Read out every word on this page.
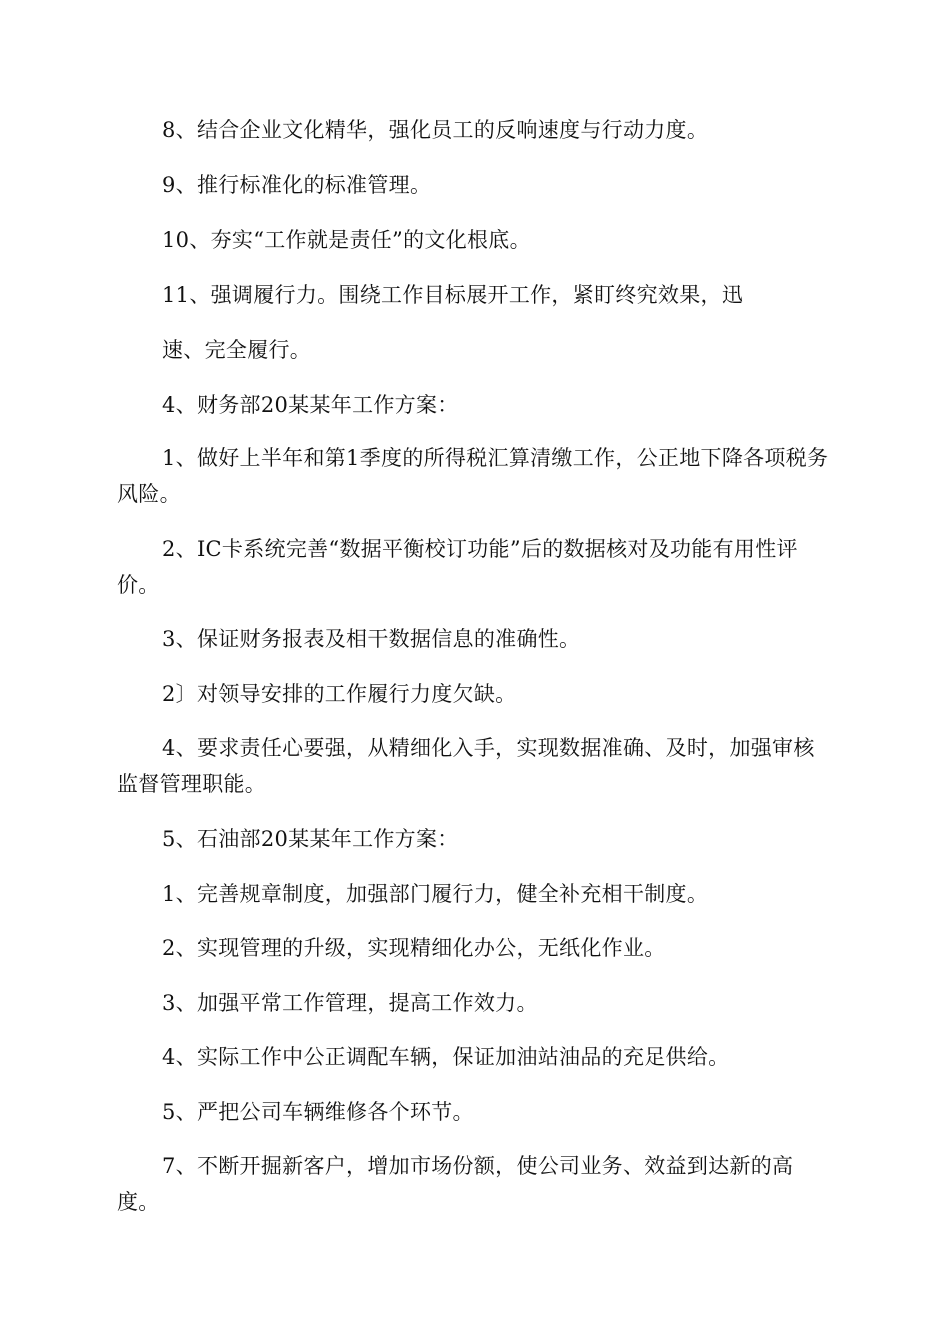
8、结合企业文化精华，强化员工的反响速度与行动力度。

9、推行标准化的标准管理。

10、夯实“工作就是责任”的文化根底。

11、强调履行力。围绕工作目标展开工作，紧盯终究效果，迅

速、完全履行。

4、财务部20某某年工作方案：

1、做好上半年和第1季度的所得税汇算清缴工作，公正地下降各项税务风险。

2、IC卡系统完善“数据平衡校订功能”后的数据核对及功能有用性评价。

3、保证财务报表及相干数据信息的准确性。

2〕对领导安排的工作履行力度欠缺。

4、要求责任心要强，从精细化入手，实现数据准确、及时，加强审核监督管理职能。

5、石油部20某某年工作方案：

1、完善规章制度，加强部门履行力，健全补充相干制度。

2、实现管理的升级，实现精细化办公，无纸化作业。

3、加强平常工作管理，提高工作效力。

4、实际工作中公正调配车辆，保证加油站油品的充足供给。

5、严把公司车辆维修各个环节。

7、不断开掘新客户，增加市场份额，使公司业务、效益到达新的高度。
